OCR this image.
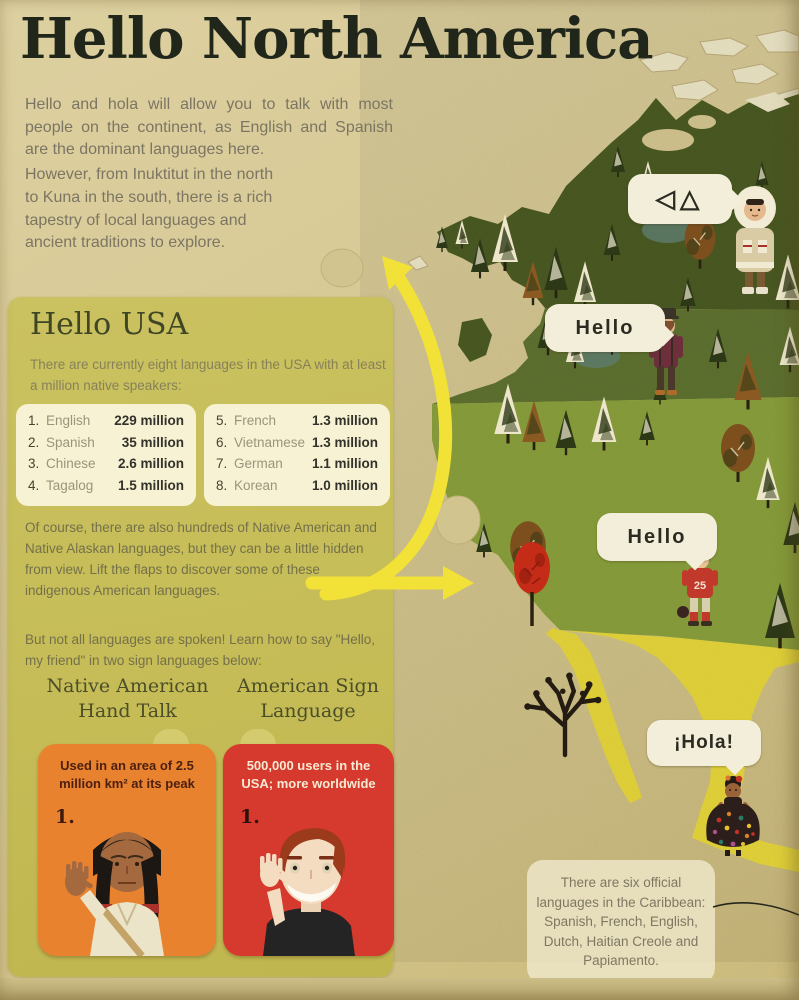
25
Hello North America

Hello and hola will allow you to talk with most people on the continent, as English and Spanish are the dominant languages here.

However, from Inuktitut in the north to Kuna in the south, there is a rich tapestry of local languages and ancient traditions to explore.

Hello USA
There are currently eight languages in the USA with at least a million native speakers:
1. English	229 million
2. Spanish	35 million
3. Chinese	2.6 million
4. Tagalog	1.5 million
5. French	1.3 million
6. Vietnamese 1.3 million
7. German	1.1 million
8. Korean	1.0 million
Of course, there are also hundreds of Native American and Native Alaskan languages, but they can be a little hidden from view. Lift the flaps to discover some of these indigenous American languages.
But not all languages are spoken! Learn how to say "Hello, my friend" in two sign languages below:
Native American
Hand Talk
American Sign
Language
Used in an area of 2.5 million km² at its peak
1.
500,000 users in the USA; more worldwide
1.
◁△
Hello
Hello
¡Hola!
There are six official languages in the Caribbean: Spanish, French, English, Dutch, Haitian Creole and Papiamento.
